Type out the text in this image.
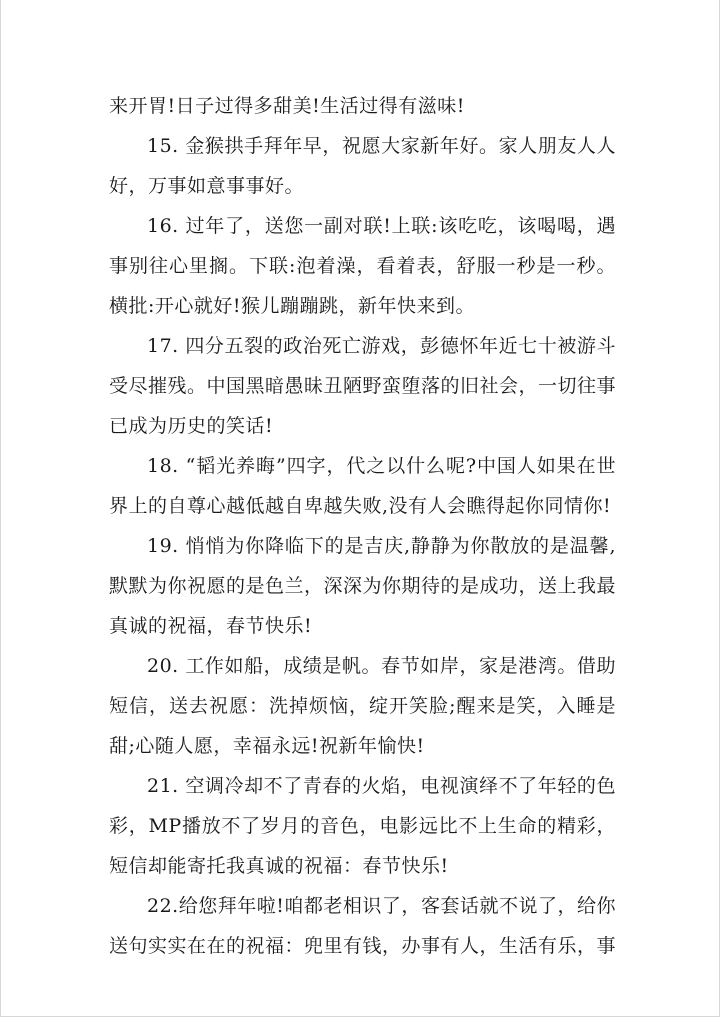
来开胃!日子过得多甜美!生活过得有滋味!

15. 金猴拱手拜年早，祝愿大家新年好。家人朋友人人好，万事如意事事好。

16. 过年了，送您一副对联!上联:该吃吃，该喝喝，遇事别往心里搁。下联:泡着澡，看着表，舒服一秒是一秒。横批:开心就好!猴儿蹦蹦跳，新年快来到。

17. 四分五裂的政治死亡游戏，彭德怀年近七十被游斗受尽摧残。中国黑暗愚昧丑陋野蛮堕落的旧社会，一切往事已成为历史的笑话!

18. “韬光养晦”四字，代之以什么呢?中国人如果在世界上的自尊心越低越自卑越失败,没有人会瞧得起你同情你!

19. 悄悄为你降临下的是吉庆,静静为你散放的是温馨,默默为你祝愿的是色兰，深深为你期待的是成功，送上我最真诚的祝福，春节快乐!

20. 工作如船，成绩是帆。春节如岸，家是港湾。借助短信，送去祝愿：洗掉烦恼，绽开笑脸;醒来是笑，入睡是甜;心随人愿，幸福永远!祝新年愉快!

21. 空调冷却不了青春的火焰，电视演绎不了年轻的色彩，MP播放不了岁月的音色，电影远比不上生命的精彩，短信却能寄托我真诚的祝福：春节快乐!

22.给您拜年啦!咱都老相识了，客套话就不说了，给你送句实实在在的祝福：兜里有钱，办事有人，生活有乐，事
